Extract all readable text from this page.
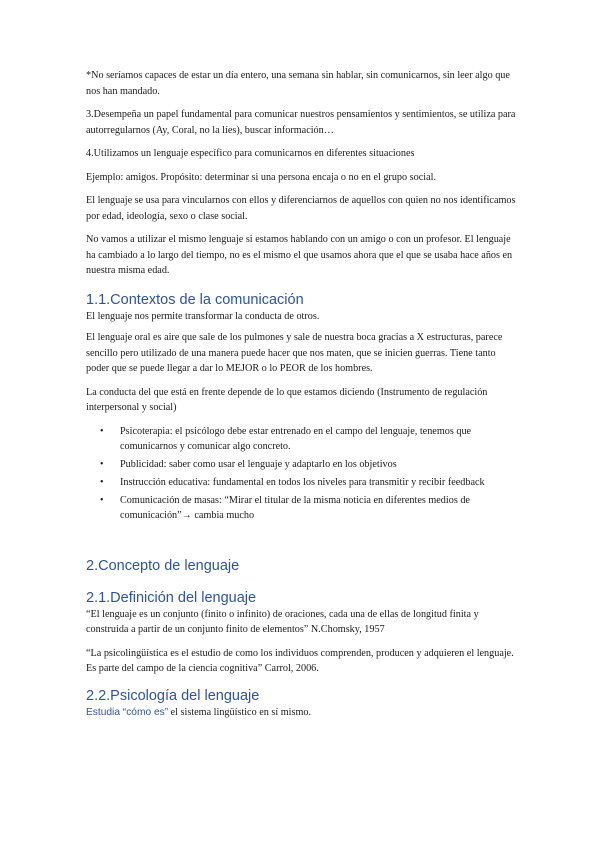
*No seríamos capaces de estar un día entero, una semana sin hablar, sin comunicarnos, sin leer algo que nos han mandado.

3.Desempeña un papel fundamental para comunicar nuestros pensamientos y sentimientos, se utiliza para autorregularnos (Ay, Coral, no la líes), buscar información…

4.Utilizamos un lenguaje específico para comunicarnos en diferentes situaciones

Ejemplo: amigos. Propósito: determinar si una persona encaja o no en el grupo social.

El lenguaje se usa para vincularnos con ellos y diferenciarnos de aquellos con quien no nos identificamos por edad, ideología, sexo o clase social.

No vamos a utilizar el mismo lenguaje si estamos hablando con un amigo o con un profesor. El lenguaje ha cambiado a lo largo del tiempo, no es el mismo el que usamos ahora que el que se usaba hace años en nuestra misma edad.

1.1.Contextos de la comunicación

El lenguaje nos permite transformar la conducta de otros.

El lenguaje oral es aire que sale de los pulmones y sale de nuestra boca gracias a X estructuras, parece sencillo pero utilizado de una manera puede hacer que nos maten, que se inicien guerras. Tiene tanto poder que se puede llegar a dar lo MEJOR o lo PEOR de los hombres.

La conducta del que está en frente depende de lo que estamos diciendo (Instrumento de regulación interpersonal y social)

• Psicoterapia: el psicólogo debe estar entrenado en el campo del lenguaje, tenemos que comunicarnos y comunicar algo concreto.
• Publicidad: saber como usar el lenguaje y adaptarlo en los objetivos
• Instrucción educativa: fundamental en todos los niveles para transmitir y recibir feedback
• Comunicación de masas: “Mirar el titular de la misma noticia en diferentes medios de comunicación”→ cambia mucho
2.Concepto de lenguaje
2.1.Definición del lenguaje

“El lenguaje es un conjunto (finito o infinito) de oraciones, cada una de ellas de longitud finita y construida a partir de un conjunto finito de elementos” N.Chomsky, 1957

“La psicolingüística es el estudio de como los individuos comprenden, producen y adquieren el lenguaje. Es parte del campo de la ciencia cognitiva” Carrol, 2006.

2.2.Psicología del lenguaje

Estudia “cómo es” el sistema lingüístico en sí mismo.
